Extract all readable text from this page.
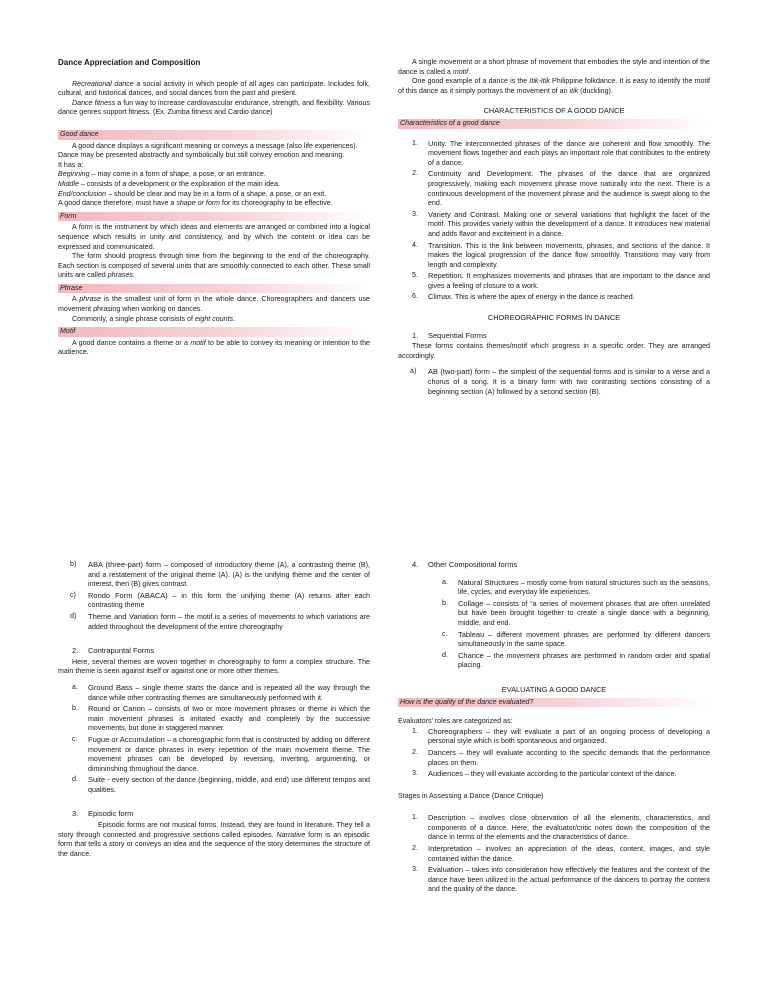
Dance Appreciation and Composition

Recreational dance a social activity in which people of all ages can participate. Includes folk, cultural, and historical dances, and social dances from the past and present.

Dance fitness a fun way to increase cardiovascular endurance, strength, and flexibility. Various dance genres support fitness. (Ex. Zumba fitness and Cardio dance)

Good dance

A good dance displays a significant meaning or conveys a message (also life experiences).

Dance may be presented abstractly and symbolically but still convey emotion and meaning.

It has a:

Beginning – may come in a form of shape, a pose, or an entrance.

Middle – consists of a development or the exploration of the main idea.

End/conclusion – should be clear and may be in a form of a shape, a pose, or an exit.

A good dance therefore, must have a shape or form for its choreography to be effective.

Form

A form is the instrument by which ideas and elements are arranged or combined into a logical sequence which results in unity and consistency, and by which the content or idea can be expressed and communicated.

The form should progress through time from the beginning to the end of the choreography. Each section is composed of several units that are smoothly connected to each other. These small units are called phrases.

Phrase

A phrase is the smallest unit of form in the whole dance. Choreographers and dancers use movement phrasing when working on dances.

Commonly, a single phrase consists of eight counts.

Motif

A good dance contains a theme or a motif to be able to convey its meaning or intention to the audience.

A single movement or a short phrase of movement that embodies the style and intention of the dance is called a motif.

One good example of a dance is the Itik-Itik Philippine folkdance. It is easy to identify the motif of this dance as it simply portrays the movement of an itik (duckling).

CHARACTERISTICS OF A GOOD DANCE

Characteristics of a good dance
1. Unity. The interconnected phrases of the dance are coherent and flow smoothly. The movement flows together and each plays an important role that contributes to the entirety of a dance.
2. Continuity and Development. The phrases of the dance that are organized progressively, making each movement phrase move naturally into the next. There is a continuous development of the movement phrase and the audience is swept along to the end.
3. Variety and Contrast. Making one or several variations that highlight the facet of the motif. This provides variety within the development of a dance. It introduces new material and adds flavor and excitement in a dance.
4. Transition. This is the link between movements, phrases, and sections of the dance. It makes the logical progression of the dance flow smoothly. Transitions may vary from length and complexity.
5. Repetition. It emphasizes movements and phrases that are important to the dance and gives a feeling of closure to a work.
6. Climax. This is where the apex of energy in the dance is reached.

CHOREOGRAPHIC FORMS IN DANCE

1. Sequential Forms

These forms contains themes/motif which progress in a specific order. They are arranged accordingly.

a) AB (two-part) form – the simplest of the sequential forms and is similar to a verse and a chorus of a song. It is a binary form with two contrasting sections consisting of a beginning section (A) followed by a second section (B).
b) ABA (three-part) form – composed of introductory theme (A), a contrasting theme (B), and a restatement of the original theme (A). (A) is the unifying theme and the center of interest, then (B) gives contrast.
c) Rondo Form (ABACA) – in this form the unifying theme (A) returns after each contrasting theme
d) Theme and Variation form – the motif is a series of movements to which variations are added throughout the development of the entire choreography
2. Contrapuntal Forms

Here, several themes are woven together in choreography to form a complex structure. The main theme is seen against itself or against one or more other themes.

a. Ground Bass – single theme starts the dance and is repeated all the way through the dance while other contrasting themes are simultaneously performed with it.
b. Round or Canon – consists of two or more movement phrases or theme in which the main movement phrases is imitated exactly and completely by the successive movements, but done in staggered manner.
c. Fugue or Accumulation – a choreographic form that is constructed by adding on different movement or dance phrases in every repetition of the main movement theme. The movement phrases can be developed by reversing, inverting, argumenting, or dimininshing throughout the dance.
d. Suite - every section of the dance (beginning, middle, and end) use different tempos and qualities.
3. Episodic form

Episodic forms are not musical forms. Instead, they are found in literature. They tell a story through connected and progressive sections called episodes. Narrative form is an episodic form that tells a story or conveys an idea and the sequence of the story determines the structure of the dance.

4. Other Compositional forms
a. Natural Structures – mostly come from natural structures such as the seasons, life, cycles, and everyday life experiences.
b. Collage – consists of “a series of movement phrases that are often unrelated but have been brought together to create a single dance with a beginning, middle, and end.
c. Tableau – different movement phrases are performed by different dancers simultaneously in the same space.
d. Chance – the movement phrases are performed in random order and spatial placing.

EVALUATING A GOOD DANCE

How is the quality of the dance evaluated?

Evaluators’ roles are categorized as:

1. Choreographers – they will evaluate a part of an ongoing process of developing a personal style which is both spontaneous and organized.
2. Dancers – they will evaluate according to the specific demands that the performance places on them.
3. Audiences – they will evaluate according to the particular context of the dance.

Stages in Assessing a Dance (Dance Critique)

1. Description – involves close observation of all the elements, characteristics, and components of a dance. Here, the evaluator/critic notes down the composition of the dance in terms of the elements and the characteristics of dance.
2. Interpretation – involves an appreciation of the ideas, content, images, and style contained within the dance.
3. Evaluation – takes into consideration how effectively the features and the context of the dance have been utilized in the actual performance of the dancers to portray the content and the quality of the dance.
